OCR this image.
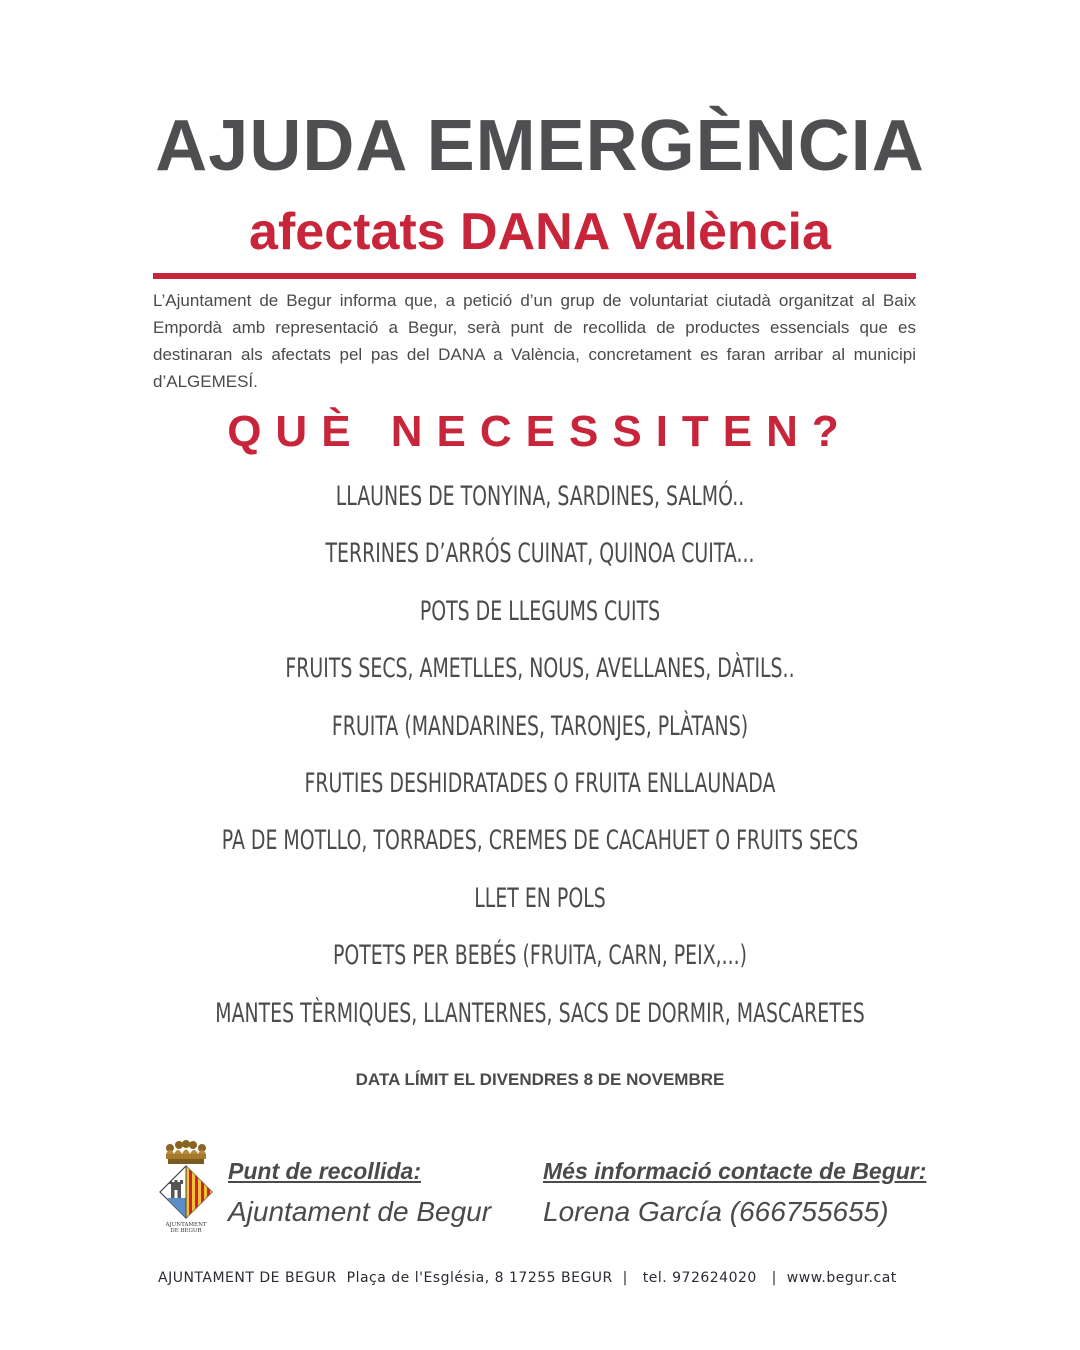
AJUDA EMERGÈNCIA
afectats DANA València

L’Ajuntament de Begur informa que, a petició d’un grup de voluntariat ciutadà organitzat al Baix Empordà amb representació a Begur, serà punt de recollida de productes essencials que es destinaran als afectats pel pas del DANA a València, concretament es faran arribar al municipi d’ALGEMESÍ.

QUÈ NECESSITEN?
LLAUNES DE TONYINA, SARDINES, SALMÓ..
TERRINES D’ARRÓS CUINAT, QUINOA CUITA...
POTS DE LLEGUMS CUITS
FRUITS SECS, AMETLLES, NOUS, AVELLANES, DÀTILS..
FRUITA (MANDARINES, TARONJES, PLÀTANS)
FRUTIES DESHIDRATADES O FRUITA ENLLAUNADA
PA DE MOTLLO, TORRADES, CREMES DE CACAHUET O FRUITS SECS
LLET EN POLS
POTETS PER BEBÉS (FRUITA, CARN, PEIX,...)
MANTES TÈRMIQUES, LLANTERNES, SACS DE DORMIR, MASCARETES
DATA LÍMIT EL DIVENDRES 8 DE NOVEMBRE
AJUNTAMENT
DE BEGUR
Punt de recollida:
Ajuntament de Begur
Més informació contacte de Begur:
Lorena García (666755655)
AJUNTAMENT DE BEGUR Plaça de l'Església, 8 17255 BEGUR  |   tel. 972624020   |  www.begur.cat
